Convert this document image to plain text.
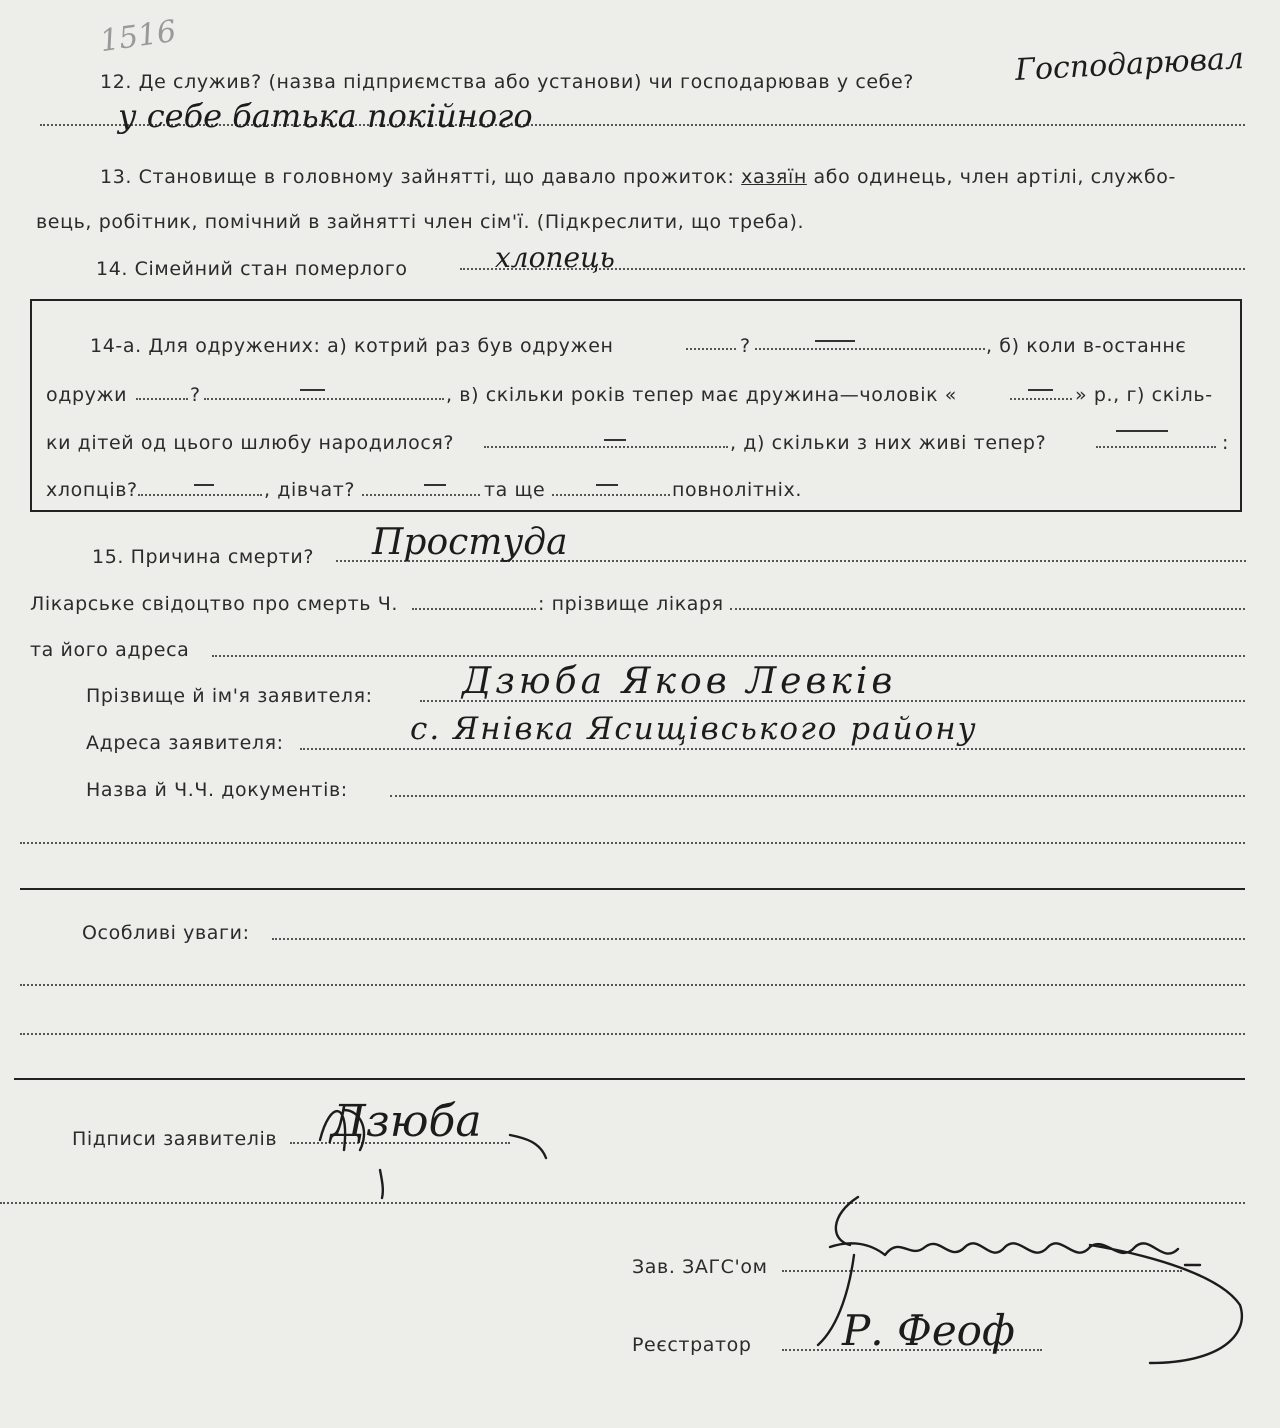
1516
12. Де служив? (назва підприємства або установи) чи господарював у себе?	Господарювал
у себе батька покійного
13. Становище в головному зайнятті, що давало прожиток: хазяїн або одинець, член артілі, службо-
вець, робітник, помічний в зайнятті член сім'ї. (Підкреслити, що треба).
14. Сімейний стан померлого	хлопець
14-а. Для одружених: а) котрий раз був одружен	?	, б) коли в-останнє
одружи	?	, в) скільки років тепер має дружина—чоловік «	» р., г) скіль-
ки дітей од цього шлюбу народилося?	, д) скільки з них живі тепер?	:
хлопців?	, дівчат?	та ще	повнолітніх.
15. Причина смерти? Простуда
Лікарське свідоцтво про смерть Ч.	: прізвище лікаря
та його адреса
Прізвище й ім'я заявителя: Дзюба Яков Левків
Адреса заявителя:	с. Янівка Ясищівського району
Назва й Ч.Ч. документів:
Особливі уваги:
Підписи заявителів Дзюба
Зав. ЗАГС'ом
Реєстратор Р. Феоф
